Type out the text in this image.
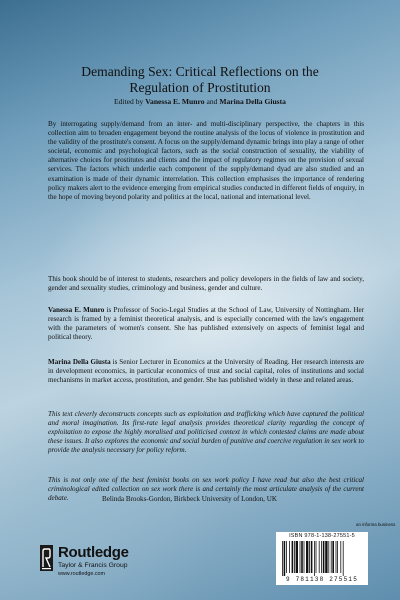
Demanding Sex: Critical Reflections on the
Regulation of Prostitution
Edited by Vanessa E. Munro and Marina Della Giusta

By interrogating supply/demand from an inter- and multi-disciplinary perspective, the chapters in this collection aim to broaden engagement beyond the routine analysis of the locus of violence in prostitution and the validity of the prostitute's consent. A focus on the supply/demand dynamic brings into play a range of other societal, economic and psychological factors, such as the social construction of sexuality, the viability of alternative choices for prostitutes and clients and the impact of regulatory regimes on the provision of sexual services. The factors which underlie each component of the supply/demand dyad are also studied and an examination is made of their dynamic interrelation. This collection emphasises the importance of rendering policy makers alert to the evidence emerging from empirical studies conducted in different fields of enquiry, in the hope of moving beyond polarity and politics at the local, national and international level.

This book should be of interest to students, researchers and policy developers in the fields of law and society, gender and sexuality studies, criminology and business, gender and culture.

Vanessa E. Munro is Professor of Socio-Legal Studies at the School of Law, University of Nottingham. Her research is framed by a feminist theoretical analysis, and is especially concerned with the law's engagement with the parameters of women's consent. She has published extensively on aspects of feminist legal and political theory.

Marina Della Giusta is Senior Lecturer in Economics at the University of Reading. Her research interests are in development economics, in particular economics of trust and social capital, roles of institutions and social mechanisms in market access, prostitution, and gender. She has published widely in these and related areas.

This text cleverly deconstructs concepts such as exploitation and trafficking which have captured the political and moral imagination. Its first-rate legal analysis provides theoretical clarity regarding the concept of exploitation to expose the highly moralised and politicised context in which contested claims are made about these issues. It also explores the economic and social burden of punitive and coercive regulation in sex work to provide the analysis necessary for policy reform.

This is not only one of the best feminist books on sex work policy I have read but also the best critical criminological edited collection on sex work there is and certainly the most articulate analysis of the current debate.	Belinda Brooks-Gordon, Birkbeck University of London, UK
an informa business
Routledge
Taylor & Francis Group
www.routledge.com
ISBN 978-1-138-27551-5
9 781138 275515
